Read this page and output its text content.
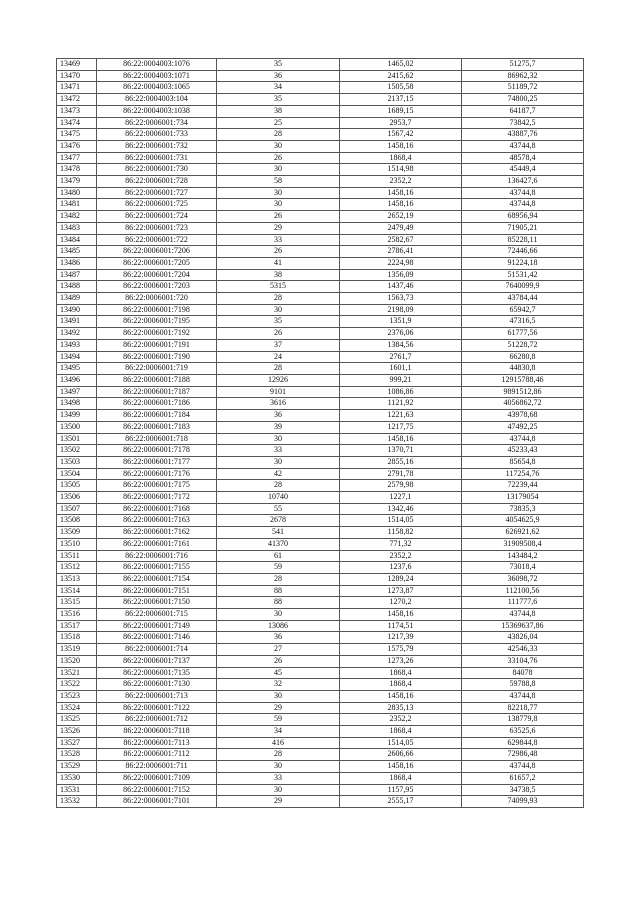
13469	86:22:0004003:1076	35	1465,02	51275,7
13470	86:22:0004003:1071	36	2415,62	86962,32
13471	86:22:0004003:1065	34	1505,58	51189,72
13472	86:22:0004003:104	35	2137,15	74800,25
13473	86:22:0004003:1038	38	1689,15	64187,7
13474	86:22:0006001:734	25	2953,7	73842,5
13475	86:22:0006001:733	28	1567,42	43887,76
13476	86:22:0006001:732	30	1458,16	43744,8
13477	86:22:0006001:731	26	1868,4	48578,4
13478	86:22:0006001:730	30	1514,98	45449,4
13479	86:22:0006001:728	58	2352,2	136427,6
13480	86:22:0006001:727	30	1458,16	43744,8
13481	86:22:0006001:725	30	1458,16	43744,8
13482	86:22:0006001:724	26	2652,19	68956,94
13483	86:22:0006001:723	29	2479,49	71905,21
13484	86:22:0006001:722	33	2582,67	85228,11
13485	86:22:0006001:7206	26	2786,41	72446,66
13486	86:22:0006001:7205	41	2224,98	91224,18
13487	86:22:0006001:7204	38	1356,09	51531,42
13488	86:22:0006001:7203	5315	1437,46	7640099,9
13489	86:22:0006001:720	28	1563,73	43784,44
13490	86:22:0006001:7198	30	2198,09	65942,7
13491	86:22:0006001:7195	35	1351,9	47316,5
13492	86:22:0006001:7192	26	2376,06	61777,56
13493	86:22:0006001:7191	37	1384,56	51228,72
13494	86:22:0006001:7190	24	2761,7	66280,8
13495	86:22:0006001:719	28	1601,1	44830,8
13496	86:22:0006001:7188	12926	999,21	12915788,46
13497	86:22:0006001:7187	9101	1086,86	9891512,86
13498	86:22:0006001:7186	3616	1121,92	4056862,72
13499	86:22:0006001:7184	36	1221,63	43978,68
13500	86:22:0006001:7183	39	1217,75	47492,25
13501	86:22:0006001:718	30	1458,16	43744,8
13502	86:22:0006001:7178	33	1370,71	45233,43
13503	86:22:0006001:7177	30	2855,16	85654,8
13504	86:22:0006001:7176	42	2791,78	117254,76
13505	86:22:0006001:7175	28	2579,98	72239,44
13506	86:22:0006001:7172	10740	1227,1	13179054
13507	86:22:0006001:7168	55	1342,46	73835,3
13508	86:22:0006001:7163	2678	1514,05	4054625,9
13509	86:22:0006001:7162	541	1158,82	626921,62
13510	86:22:0006001:7161	41370	771,32	31909508,4
13511	86:22:0006001:716	61	2352,2	143484,2
13512	86:22:0006001:7155	59	1237,6	73018,4
13513	86:22:0006001:7154	28	1289,24	36098,72
13514	86:22:0006001:7151	88	1273,87	112100,56
13515	86:22:0006001:7150	88	1270,2	111777,6
13516	86:22:0006001:715	30	1458,16	43744,8
13517	86:22:0006001:7149	13086	1174,51	15369637,86
13518	86:22:0006001:7146	36	1217,39	43826,04
13519	86:22:0006001:714	27	1575,79	42546,33
13520	86:22:0006001:7137	26	1273,26	33104,76
13521	86:22:0006001:7135	45	1868,4	84078
13522	86:22:0006001:7130	32	1868,4	59788,8
13523	86:22:0006001:713	30	1458,16	43744,8
13524	86:22:0006001:7122	29	2835,13	82218,77
13525	86:22:0006001:712	59	2352,2	138779,8
13526	86:22:0006001:7118	34	1868,4	63525,6
13527	86:22:0006001:7113	416	1514,05	629844,8
13528	86:22:0006001:7112	28	2606,66	72986,48
13529	86:22:0006001:711	30	1458,16	43744,8
13530	86:22:0006001:7109	33	1868,4	61657,2
13531	86:22:0006001:7152	30	1157,95	34738,5
13532	86:22:0006001:7101	29	2555,17	74099,93
